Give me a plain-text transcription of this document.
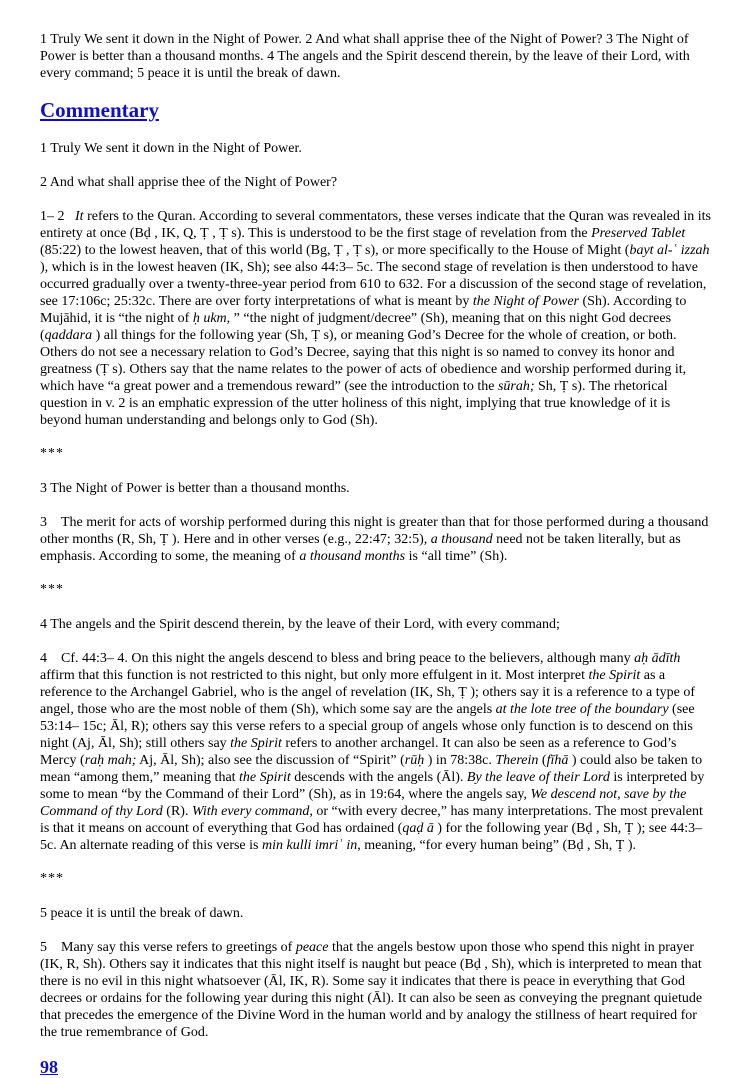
1 Truly We sent it down in the Night of Power. 2 And what shall apprise thee of the Night of Power? 3 The Night of Power is better than a thousand months. 4 The angels and the Spirit descend therein, by the leave of their Lord, with every command; 5 peace it is until the break of dawn.

Commentary

1 Truly We sent it down in the Night of Power.

2 And what shall apprise thee of the Night of Power?

1– 2   It refers to the Quran. According to several commentators, these verses indicate that the Quran was revealed in its entirety at once (Bḍ , IK, Q, Ṭ , Ṭ s). This is understood to be the first stage of revelation from the Preserved Tablet (85:22) to the lowest heaven, that of this world (Bg, Ṭ , Ṭ s), or more specifically to the House of Might (bayt al-ʿ izzah ), which is in the lowest heaven (IK, Sh); see also 44:3– 5c. The second stage of revelation is then understood to have occurred gradually over a twenty-three-year period from 610 to 632. For a discussion of the second stage of revelation, see 17:106c; 25:32c. There are over forty interpretations of what is meant by the Night of Power (Sh). According to Mujāhid, it is “the night of ḥ ukm, ” “the night of judgment/decree” (Sh), meaning that on this night God decrees (qaddara ) all things for the following year (Sh, Ṭ s), or meaning God’s Decree for the whole of creation, or both. Others do not see a necessary relation to God’s Decree, saying that this night is so named to convey its honor and greatness (Ṭ s). Others say that the name relates to the power of acts of obedience and worship performed during it, which have “a great power and a tremendous reward” (see the introduction to the sūrah; Sh, Ṭ s). The rhetorical question in v. 2 is an emphatic expression of the utter holiness of this night, implying that true knowledge of it is beyond human understanding and belongs only to God (Sh).

***

3 The Night of Power is better than a thousand months.

3    The merit for acts of worship performed during this night is greater than that for those performed during a thousand other months (R, Sh, Ṭ ). Here and in other verses (e.g., 22:47; 32:5), a thousand need not be taken literally, but as emphasis. According to some, the meaning of a thousand months is “all time” (Sh).

***

4 The angels and the Spirit descend therein, by the leave of their Lord, with every command;

4    Cf. 44:3– 4. On this night the angels descend to bless and bring peace to the believers, although many aḥ ādīth affirm that this function is not restricted to this night, but only more effulgent in it. Most interpret the Spirit as a reference to the Archangel Gabriel, who is the angel of revelation (IK, Sh, Ṭ ); others say it is a reference to a type of angel, those who are the most noble of them (Sh), which some say are the angels at the lote tree of the boundary (see 53:14– 15c; Āl, R); others say this verse refers to a special group of angels whose only function is to descend on this night (Aj, Āl, Sh); still others say the Spirit refers to another archangel. It can also be seen as a reference to God’s Mercy (raḥ mah; Aj, Āl, Sh); also see the discussion of “Spirit” (rūḥ ) in 78:38c. Therein (fīhā ) could also be taken to mean “among them,” meaning that the Spirit descends with the angels (Āl). By the leave of their Lord is interpreted by some to mean “by the Command of their Lord” (Sh), as in 19:64, where the angels say, We descend not, save by the Command of thy Lord (R). With every command, or “with every decree,” has many interpretations. The most prevalent is that it means on account of everything that God has ordained (qaḍ ā ) for the following year (Bḍ , Sh, Ṭ ); see 44:3– 5c. An alternate reading of this verse is min kulli imriʾ in, meaning, “for every human being” (Bḍ , Sh, Ṭ ).

***

5 peace it is until the break of dawn.

5    Many say this verse refers to greetings of peace that the angels bestow upon those who spend this night in prayer (IK, R, Sh). Others say it indicates that this night itself is naught but peace (Bḍ , Sh), which is interpreted to mean that there is no evil in this night whatsoever (Āl, IK, R). Some say it indicates that there is peace in everything that God decrees or ordains for the following year during this night (Āl). It can also be seen as conveying the pregnant quietude that precedes the emergence of the Divine Word in the human world and by analogy the stillness of heart required for the true remembrance of God.

98
